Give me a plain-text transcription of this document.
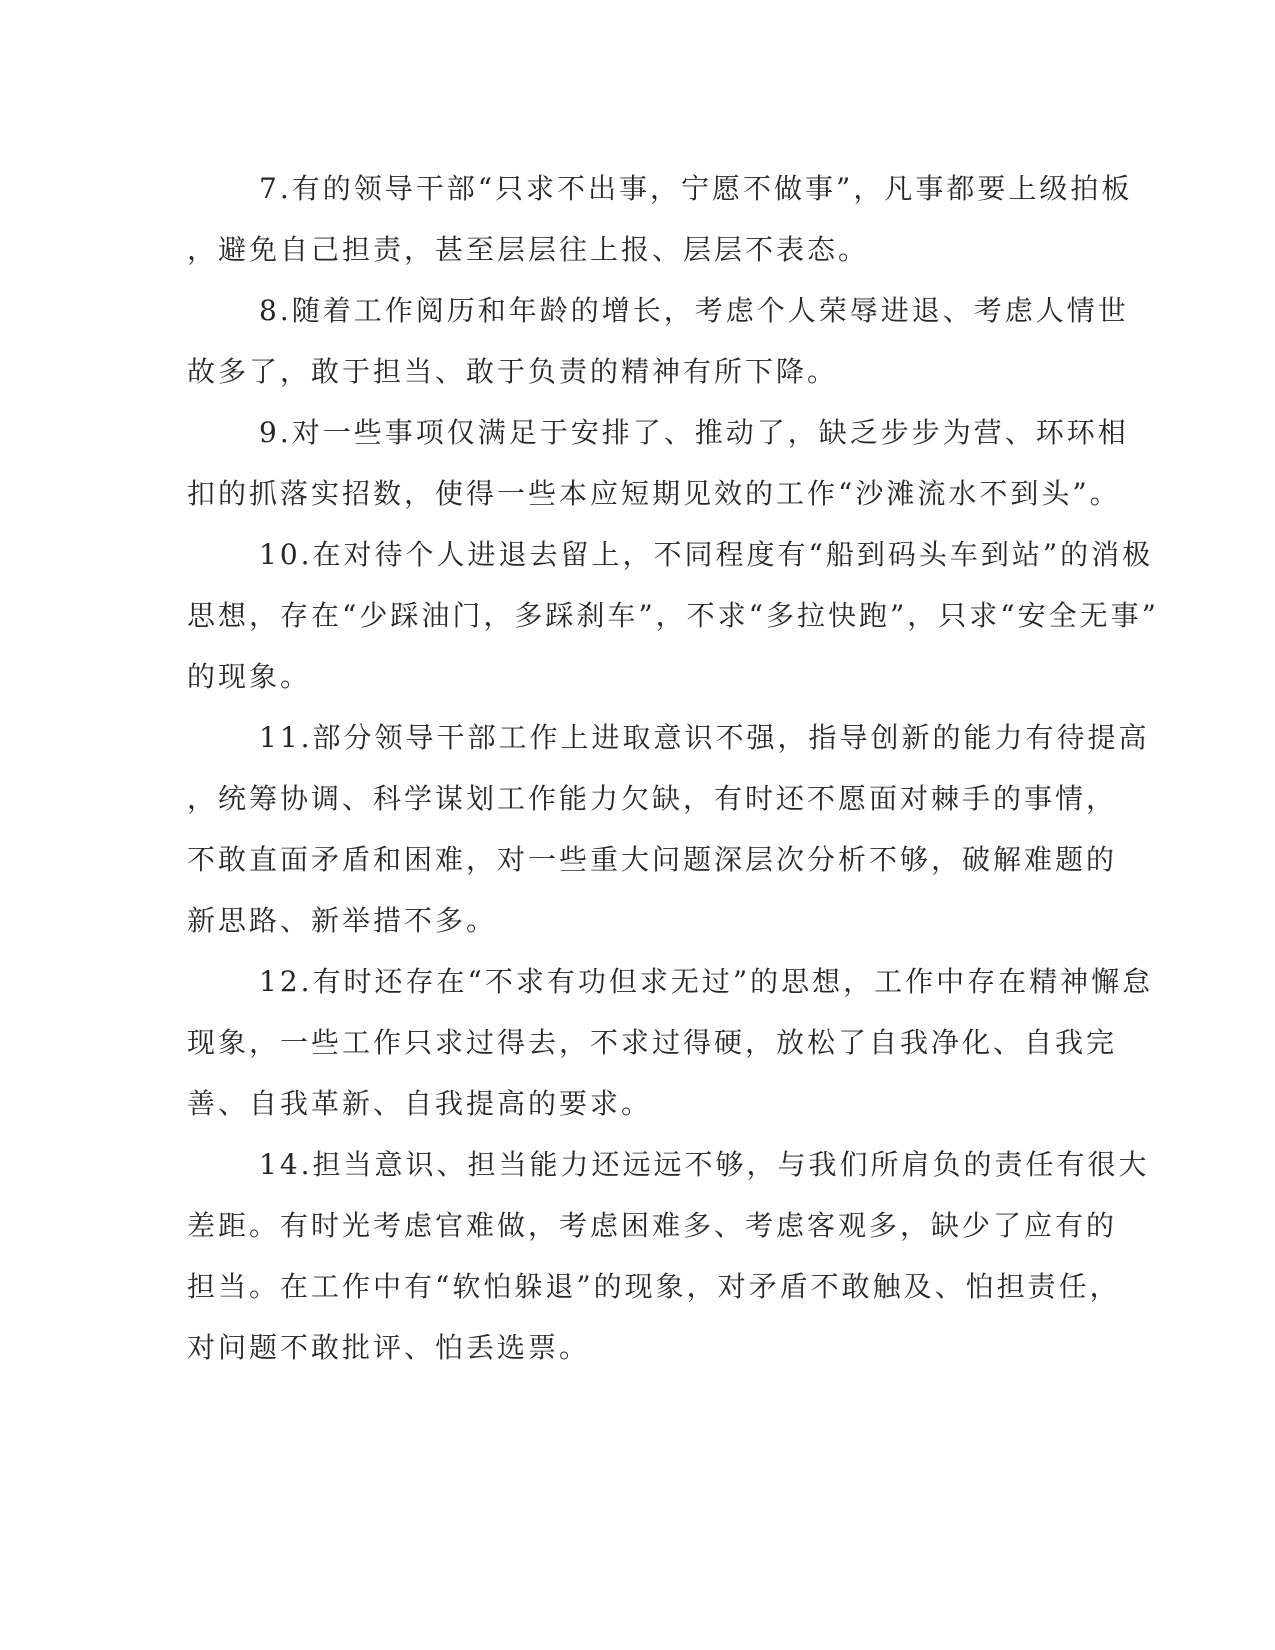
7.有的领导干部“只求不出事，宁愿不做事”，凡事都要上级拍板
，避免自己担责，甚至层层往上报、层层不表态。

8.随着工作阅历和年龄的增长，考虑个人荣辱进退、考虑人情世
故多了，敢于担当、敢于负责的精神有所下降。

9.对一些事项仅满足于安排了、推动了，缺乏步步为营、环环相
扣的抓落实招数，使得一些本应短期见效的工作“沙滩流水不到头”。

10.在对待个人进退去留上，不同程度有“船到码头车到站”的消极
思想，存在“少踩油门，多踩刹车”，不求“多拉快跑”，只求“安全无事”
的现象。

11.部分领导干部工作上进取意识不强，指导创新的能力有待提高
，统筹协调、科学谋划工作能力欠缺，有时还不愿面对棘手的事情，
不敢直面矛盾和困难，对一些重大问题深层次分析不够，破解难题的
新思路、新举措不多。

12.有时还存在“不求有功但求无过”的思想，工作中存在精神懈怠
现象，一些工作只求过得去，不求过得硬，放松了自我净化、自我完
善、自我革新、自我提高的要求。

14.担当意识、担当能力还远远不够，与我们所肩负的责任有很大
差距。有时光考虑官难做，考虑困难多、考虑客观多，缺少了应有的
担当。在工作中有“软怕躲退”的现象，对矛盾不敢触及、怕担责任，
对问题不敢批评、怕丢选票。
